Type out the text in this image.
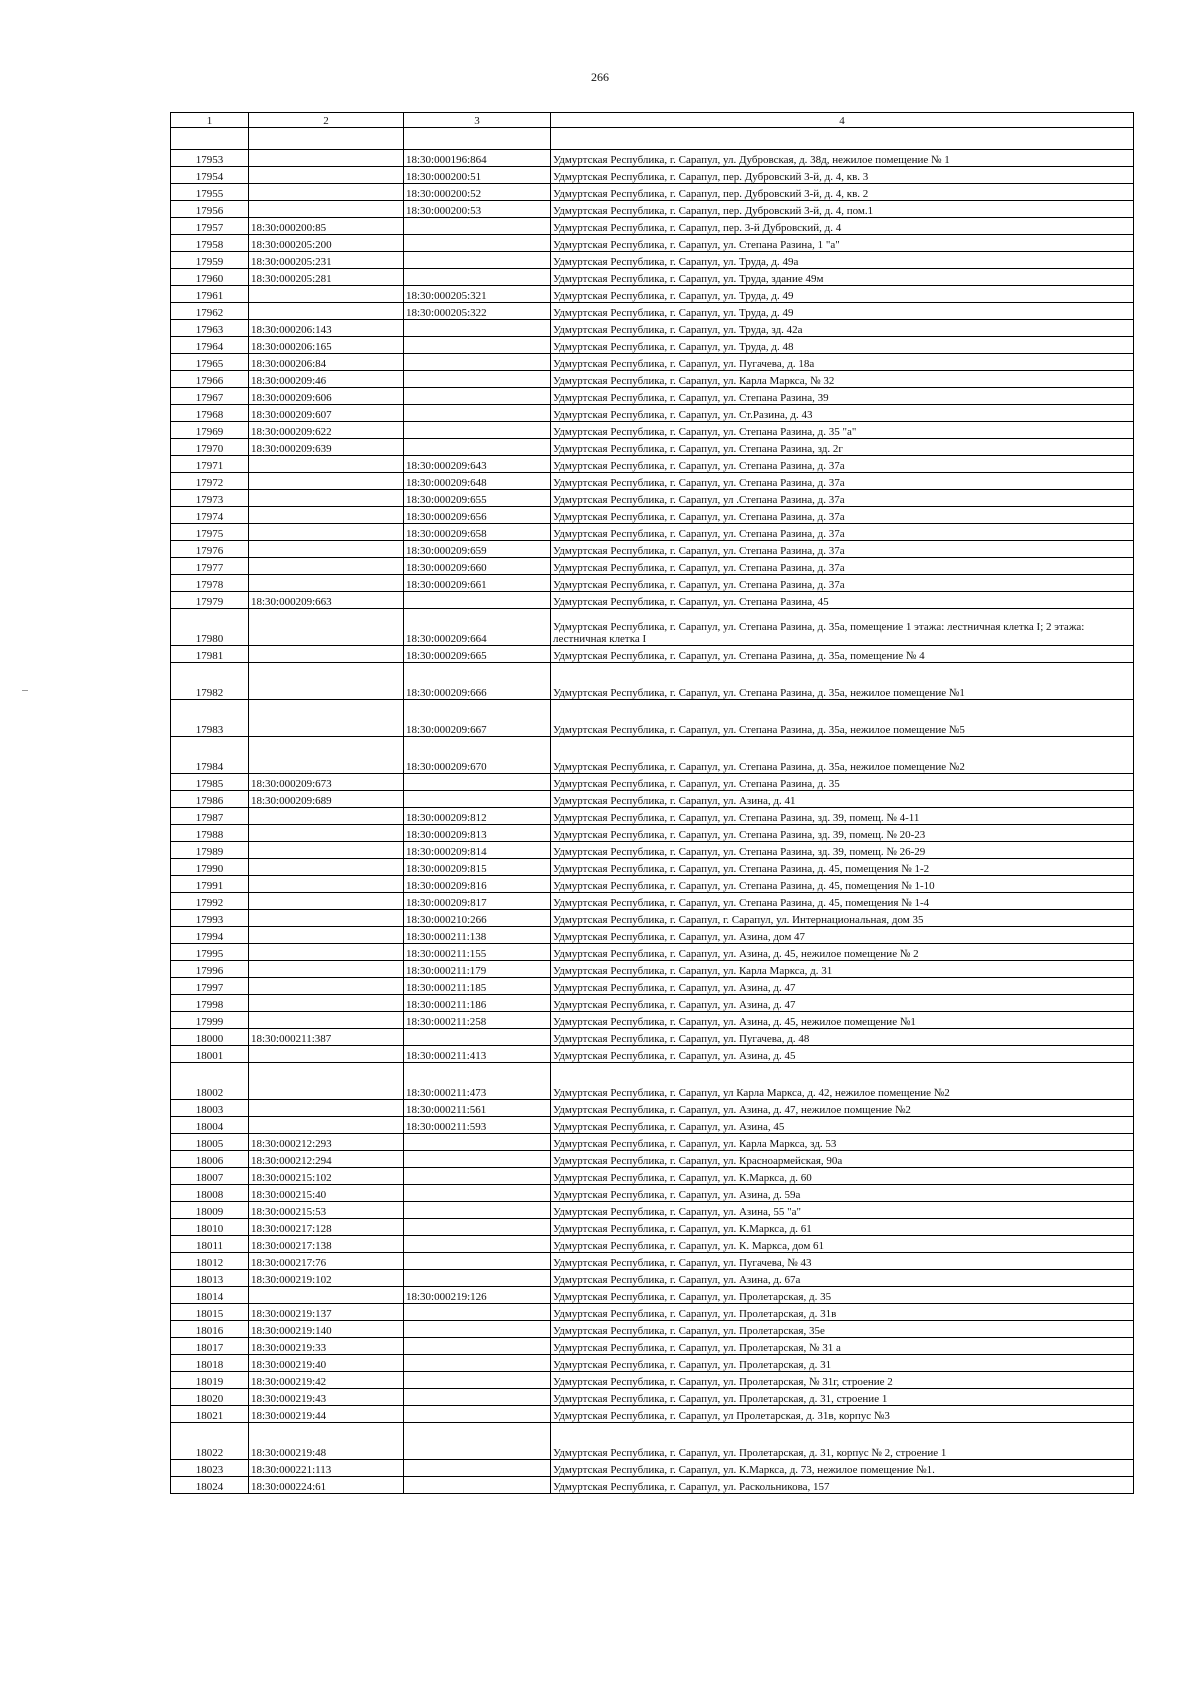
266
1	2	3	4

17953		18:30:000196:864	Удмуртская Республика, г. Сарапул, ул. Дубровская, д. 38д, нежилое помещение № 1
17954		18:30:000200:51	Удмуртская Республика, г. Сарапул, пер. Дубровский 3-й, д. 4, кв. 3
17955		18:30:000200:52	Удмуртская Республика, г. Сарапул, пер. Дубровский 3-й, д. 4, кв. 2
17956		18:30:000200:53	Удмуртская Республика, г. Сарапул, пер. Дубровский 3-й, д. 4, пом.1
17957	18:30:000200:85		Удмуртская Республика, г. Сарапул, пер. 3-й Дубровский, д. 4
17958	18:30:000205:200		Удмуртская Республика, г. Сарапул, ул. Степана Разина, 1 "а"
17959	18:30:000205:231		Удмуртская Республика, г. Сарапул, ул. Труда, д. 49а
17960	18:30:000205:281		Удмуртская Республика, г. Сарапул, ул. Труда, здание 49м
17961		18:30:000205:321	Удмуртская Республика, г. Сарапул, ул. Труда, д. 49
17962		18:30:000205:322	Удмуртская Республика, г. Сарапул, ул. Труда, д. 49
17963	18:30:000206:143		Удмуртская Республика, г. Сарапул, ул. Труда, зд. 42а
17964	18:30:000206:165		Удмуртская Республика, г. Сарапул, ул. Труда, д. 48
17965	18:30:000206:84		Удмуртская Республика, г. Сарапул, ул. Пугачева, д. 18а
17966	18:30:000209:46		Удмуртская Республика, г. Сарапул, ул. Карла Маркса, № 32
17967	18:30:000209:606		Удмуртская Республика, г. Сарапул, ул. Степана Разина, 39
17968	18:30:000209:607		Удмуртская Республика, г. Сарапул, ул. Ст.Разина, д. 43
17969	18:30:000209:622		Удмуртская Республика, г. Сарапул, ул. Степана Разина, д. 35 "а"
17970	18:30:000209:639		Удмуртская Республика, г. Сарапул, ул. Степана Разина, зд. 2г
17971		18:30:000209:643	Удмуртская Республика, г. Сарапул, ул. Степана Разина, д. 37а
17972		18:30:000209:648	Удмуртская Республика, г. Сарапул, ул. Степана Разина, д. 37а
17973		18:30:000209:655	Удмуртская Республика, г. Сарапул, ул .Степана Разина, д. 37а
17974		18:30:000209:656	Удмуртская Республика, г. Сарапул, ул. Степана Разина, д. 37а
17975		18:30:000209:658	Удмуртская Республика, г. Сарапул, ул. Степана Разина, д. 37а
17976		18:30:000209:659	Удмуртская Республика, г. Сарапул, ул. Степана Разина, д. 37а
17977		18:30:000209:660	Удмуртская Республика, г. Сарапул, ул. Степана Разина, д. 37а
17978		18:30:000209:661	Удмуртская Республика, г. Сарапул, ул. Степана Разина, д. 37а
17979	18:30:000209:663		Удмуртская Республика, г. Сарапул, ул. Степана Разина, 45
17980		18:30:000209:664	Удмуртская Республика, г. Сарапул, ул. Степана Разина, д. 35а, помещение 1 этажа: лестничная клетка I; 2 этажа: лестничная клетка I
17981		18:30:000209:665	Удмуртская Республика, г. Сарапул, ул. Степана Разина, д. 35а, помещение № 4
17982		18:30:000209:666	Удмуртская Республика, г. Сарапул, ул. Степана Разина, д. 35а, нежилое помещение №1
17983		18:30:000209:667	Удмуртская Республика, г. Сарапул, ул. Степана Разина, д. 35а, нежилое помещение №5
17984		18:30:000209:670	Удмуртская Республика, г. Сарапул, ул. Степана Разина, д. 35а, нежилое помещение №2
17985	18:30:000209:673		Удмуртская Республика, г. Сарапул, ул. Степана Разина, д. 35
17986	18:30:000209:689		Удмуртская Республика, г. Сарапул, ул. Азина, д. 41
17987		18:30:000209:812	Удмуртская Республика, г. Сарапул, ул. Степана Разина, зд. 39, помещ. № 4-11
17988		18:30:000209:813	Удмуртская Республика, г. Сарапул, ул. Степана Разина, зд. 39, помещ. № 20-23
17989		18:30:000209:814	Удмуртская Республика, г. Сарапул, ул. Степана Разина, зд. 39, помещ. № 26-29
17990		18:30:000209:815	Удмуртская Республика, г. Сарапул, ул. Степана Разина, д. 45, помещения № 1-2
17991		18:30:000209:816	Удмуртская Республика, г. Сарапул, ул. Степана Разина, д. 45, помещения № 1-10
17992		18:30:000209:817	Удмуртская Республика, г. Сарапул, ул. Степана Разина, д. 45, помещения № 1-4
17993		18:30:000210:266	Удмуртская Республика, г. Сарапул, г. Сарапул, ул. Интернациональная, дом 35
17994		18:30:000211:138	Удмуртская Республика, г. Сарапул, ул. Азина, дом 47
17995		18:30:000211:155	Удмуртская Республика, г. Сарапул, ул. Азина, д. 45, нежилое помещение № 2
17996		18:30:000211:179	Удмуртская Республика, г. Сарапул, ул. Карла Маркса, д. 31
17997		18:30:000211:185	Удмуртская Республика, г. Сарапул, ул. Азина, д. 47
17998		18:30:000211:186	Удмуртская Республика, г. Сарапул, ул. Азина, д. 47
17999		18:30:000211:258	Удмуртская Республика, г. Сарапул, ул. Азина, д. 45, нежилое помещение №1
18000	18:30:000211:387		Удмуртская Республика, г. Сарапул, ул. Пугачева, д. 48
18001		18:30:000211:413	Удмуртская Республика, г. Сарапул, ул. Азина, д. 45
18002		18:30:000211:473	Удмуртская Республика, г. Сарапул, ул Карла Маркса, д. 42, нежилое помещение №2
18003		18:30:000211:561	Удмуртская Республика, г. Сарапул, ул. Азина, д. 47, нежилое помщение №2
18004		18:30:000211:593	Удмуртская Республика, г. Сарапул, ул. Азина, 45
18005	18:30:000212:293		Удмуртская Республика, г. Сарапул, ул. Карла Маркса, зд. 53
18006	18:30:000212:294		Удмуртская Республика, г. Сарапул, ул. Красноармейская, 90а
18007	18:30:000215:102		Удмуртская Республика, г. Сарапул, ул. К.Маркса, д. 60
18008	18:30:000215:40		Удмуртская Республика, г. Сарапул, ул. Азина, д. 59а
18009	18:30:000215:53		Удмуртская Республика, г. Сарапул, ул. Азина, 55 "а"
18010	18:30:000217:128		Удмуртская Республика, г. Сарапул, ул. К.Маркса, д. 61
18011	18:30:000217:138		Удмуртская Республика, г. Сарапул, ул. К. Маркса, дом 61
18012	18:30:000217:76		Удмуртская Республика, г. Сарапул, ул. Пугачева, № 43
18013	18:30:000219:102		Удмуртская Республика, г. Сарапул, ул. Азина, д. 67а
18014		18:30:000219:126	Удмуртская Республика, г. Сарапул, ул. Пролетарская, д. 35
18015	18:30:000219:137		Удмуртская Республика, г. Сарапул, ул. Пролетарская, д. 31в
18016	18:30:000219:140		Удмуртская Республика, г. Сарапул, ул. Пролетарская, 35е
18017	18:30:000219:33		Удмуртская Республика, г. Сарапул, ул. Пролетарская, № 31 а
18018	18:30:000219:40		Удмуртская Республика, г. Сарапул, ул. Пролетарская, д. 31
18019	18:30:000219:42		Удмуртская Республика, г. Сарапул, ул. Пролетарская, № 31г, строение 2
18020	18:30:000219:43		Удмуртская Республика, г. Сарапул, ул. Пролетарская, д. 31, строение 1
18021	18:30:000219:44		Удмуртская Республика, г. Сарапул, ул Пролетарская, д. 31в, корпус №3
18022	18:30:000219:48		Удмуртская Республика, г. Сарапул, ул. Пролетарская, д. 31, корпус № 2, строение 1
18023	18:30:000221:113		Удмуртская Республика, г. Сарапул, ул. К.Маркса, д. 73, нежилое помещение №1.
18024	18:30:000224:61		Удмуртская Республика, г. Сарапул, ул. Раскольникова, 157
